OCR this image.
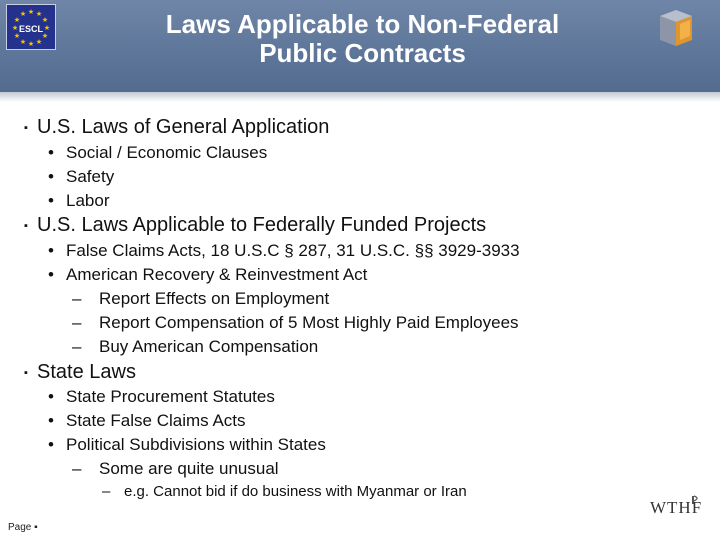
★ ★
★
★
★
★
★
★
★
★
★
★
ESCL	Laws Applicable to Non-Federal
Public Contracts
▪ U.S. Laws of General Application
• Social / Economic Clauses
• Safety
• Labor
▪ U.S. Laws Applicable to Federally Funded Projects
• False Claims Acts, 18 U.S.C § 287, 31 U.S.C. §§ 3929-3933
• American Recovery & Reinvestment Act
– Report Effects on Employment
– Report Compensation of 5 Most Highly Paid Employees
– Buy American Compensation
▪ State Laws
• State Procurement Statutes
• State False Claims Acts
• Political Subdivisions within States
– Some are quite unusual
– e.g. Cannot bid if do business with Myanmar or Iran
Page ▪
WTHF
